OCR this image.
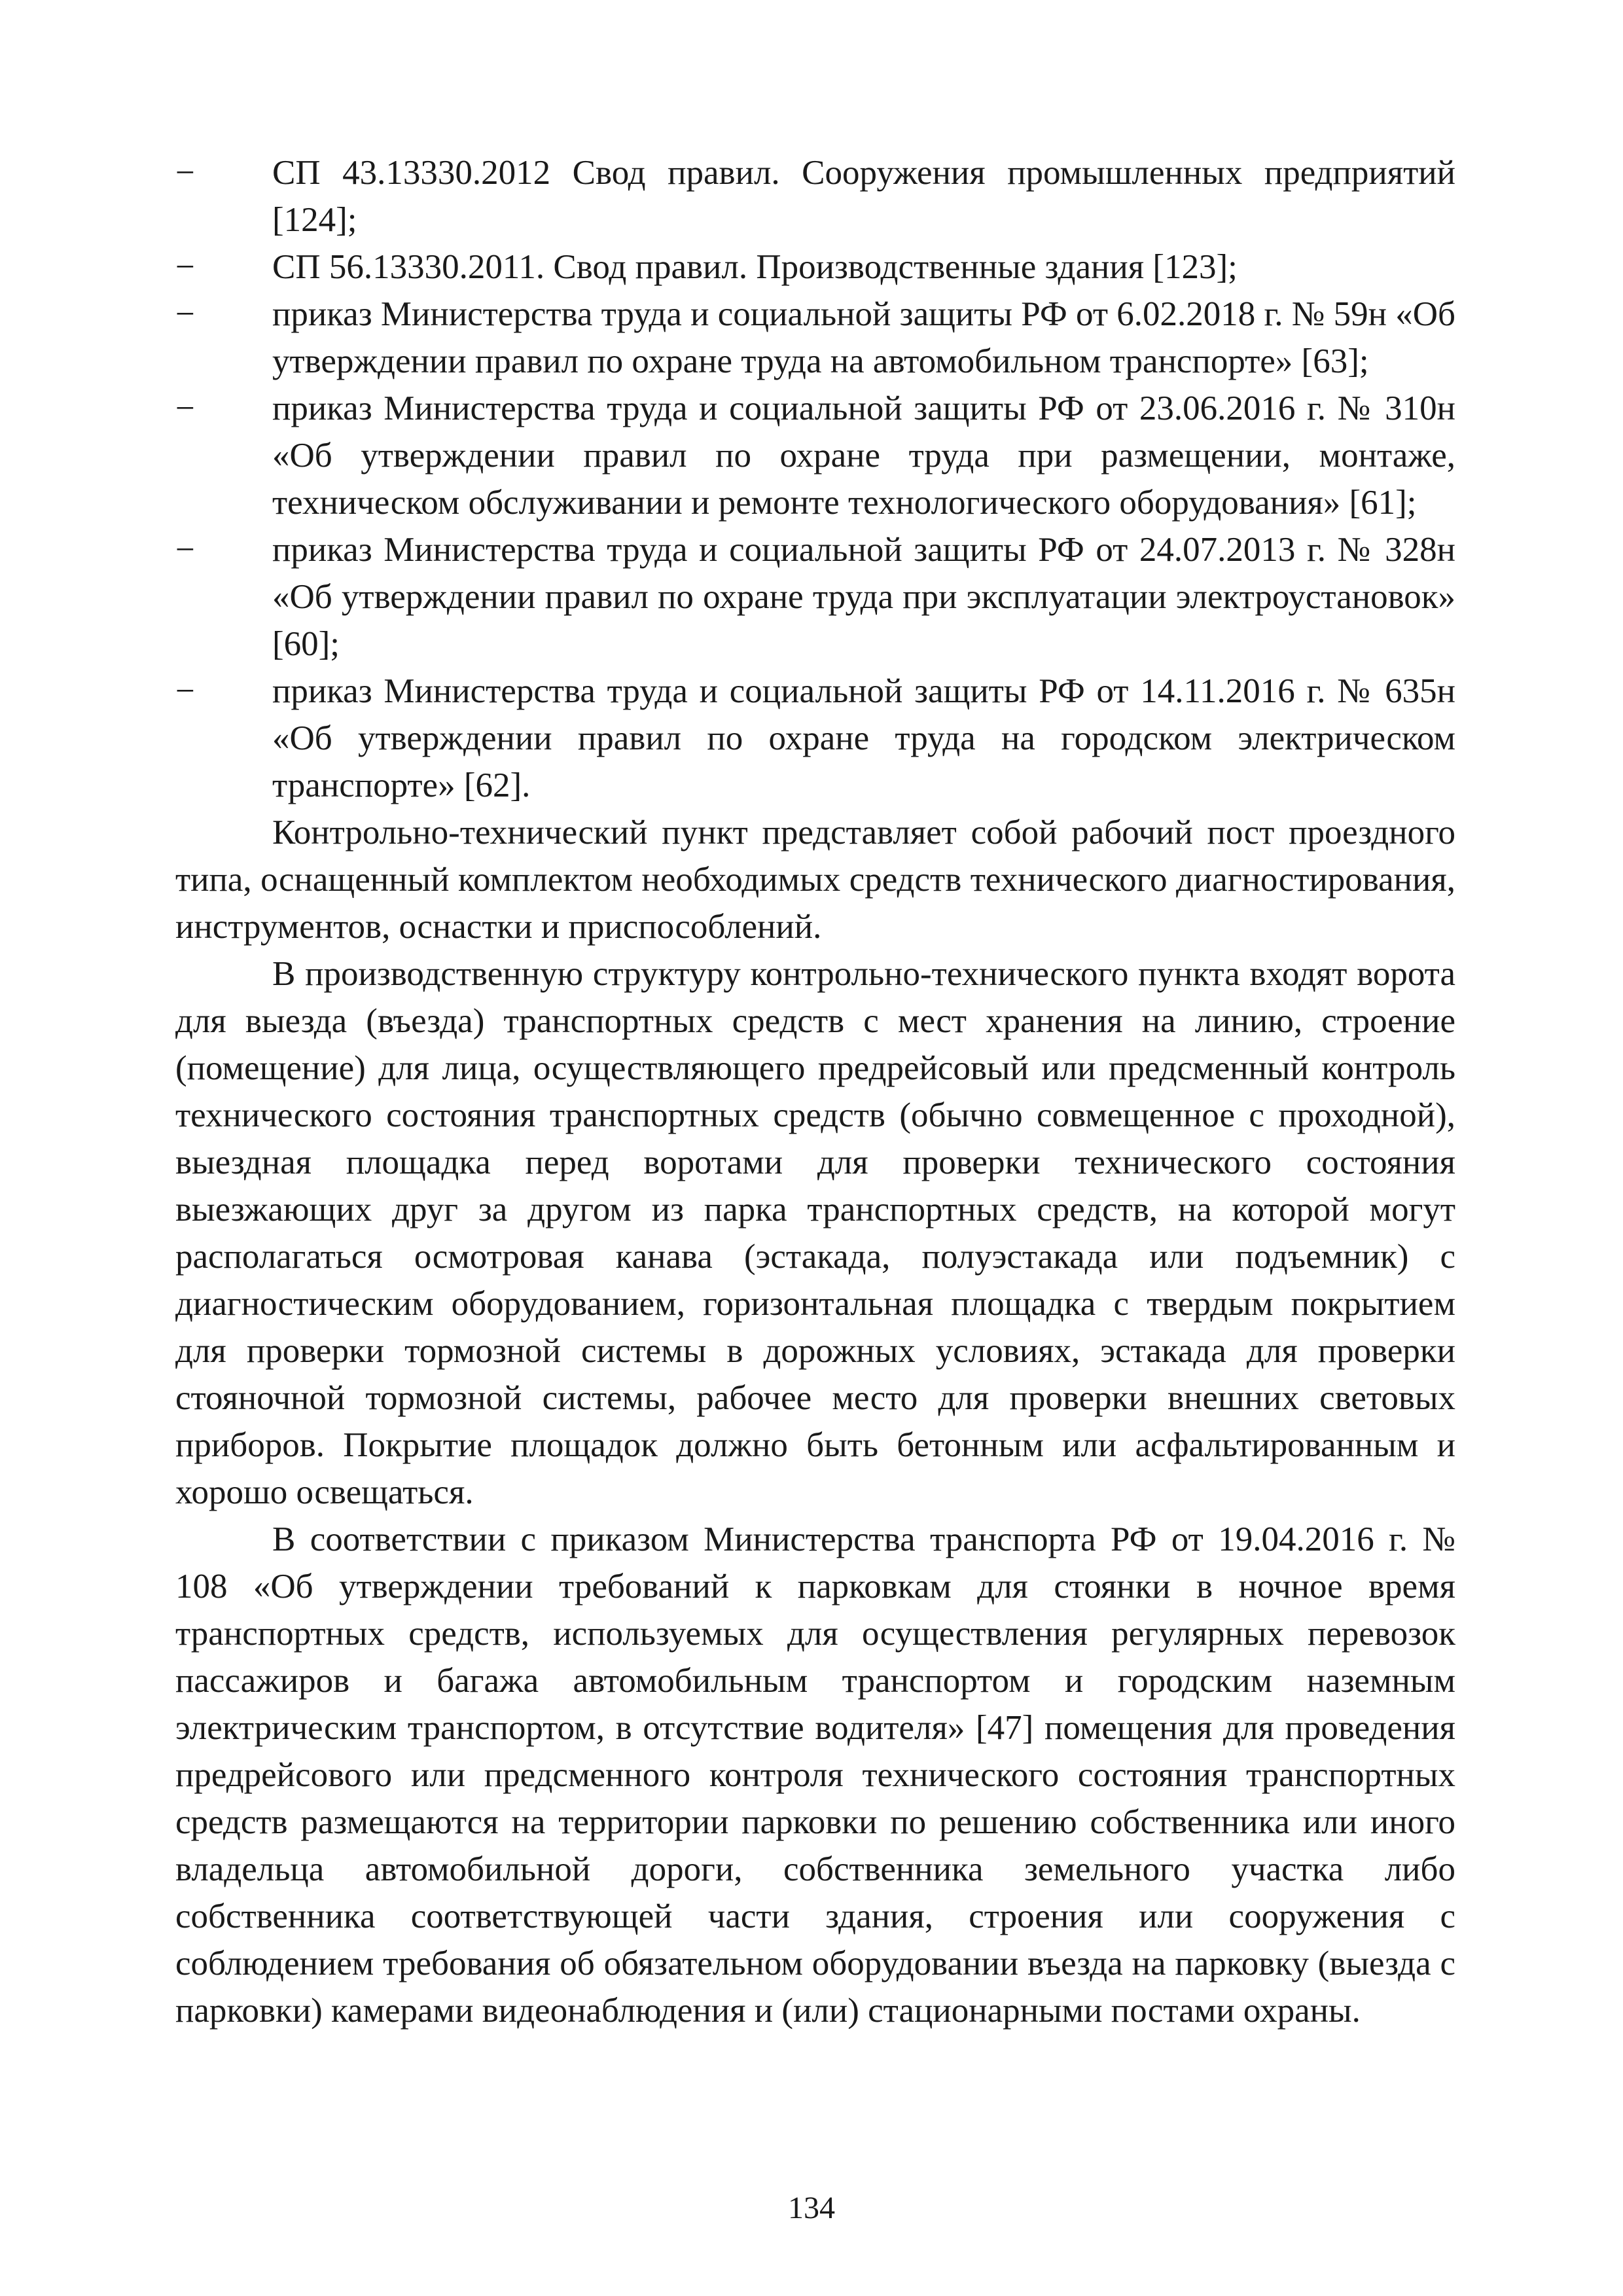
−	СП 43.13330.2012 Свод правил. Сооружения промышленных предприятий [124];
−	СП 56.13330.2011. Свод правил. Производственные здания [123];
−	приказ Министерства труда и социальной защиты РФ от 6.02.2018 г. № 59н «Об утверждении правил по охране труда на автомобильном транспорте» [63];
−	приказ Министерства труда и социальной защиты РФ от 23.06.2016 г. № 310н «Об утверждении правил по охране труда при размещении, монтаже, техническом обслуживании и ремонте технологического оборудования» [61];
−	приказ Министерства труда и социальной защиты РФ от 24.07.2013 г. № 328н «Об утверждении правил по охране труда при эксплуатации электроустановок» [60];
−	приказ Министерства труда и социальной защиты РФ от 14.11.2016 г. № 635н «Об утверждении правил по охране труда на городском электрическом транспорте» [62].

Контрольно-технический пункт представляет собой рабочий пост проездного типа, оснащенный комплектом необходимых средств технического диагностирования, инструментов, оснастки и приспособлений.

В производственную структуру контрольно-технического пункта входят ворота для выезда (въезда) транспортных средств с мест хранения на линию, строение (помещение) для лица, осуществляющего предрейсовый или предсменный контроль технического состояния транспортных средств (обычно совмещенное с проходной), выездная площадка перед воротами для проверки технического состояния выезжающих друг за другом из парка транспортных средств, на которой могут располагаться осмотровая канава (эстакада, полуэстакада или подъемник) с диагностическим оборудованием, горизонтальная площадка с твердым покрытием для проверки тормозной системы в дорожных условиях, эстакада для проверки стояночной тормозной системы, рабочее место для проверки внешних световых приборов. Покрытие площадок должно быть бетонным или асфальтированным и хорошо освещаться.

В соответствии с приказом Министерства транспорта РФ от 19.04.2016 г. № 108 «Об утверждении требований к парковкам для стоянки в ночное время транспортных средств, используемых для осуществления регулярных перевозок пассажиров и багажа автомобильным транспортом и городским наземным электрическим транспортом, в отсутствие водителя» [47] помещения для проведения предрейсового или предсменного контроля технического состояния транспортных средств размещаются на территории парковки по решению собственника или иного владельца автомобильной дороги, собственника земельного участка либо собственника соответствующей части здания, строения или сооружения с соблюдением требования об обязательном оборудовании въезда на парковку (выезда с парковки) камерами видеонаблюдения и (или) стационарными постами охраны.

134
